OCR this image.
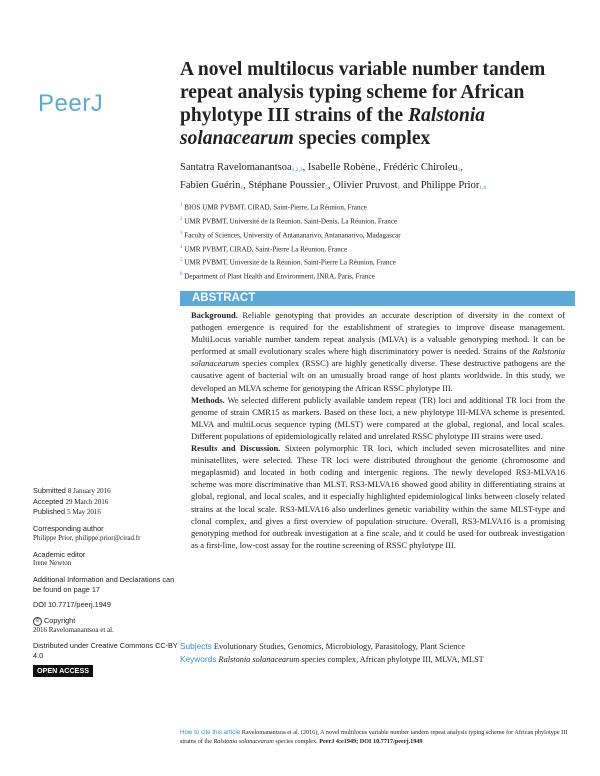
PeerJ
A novel multilocus variable number tandem repeat analysis typing scheme for African phylotype III strains of the Ralstonia solanacearum species complex
Santatra Ravelomanantsoa$^{1,2,3}$, Isabelle Robène$^1$, Frédéric Chiroleu$^1$,
Fabien Guérin$^1$, Stéphane Poussier$^5$, Olivier Pruvost$^1$ and Philippe Prior$^{1,6}$
$^1$ BIOS UMR PVBMT, CIRAD, Saint-Pierre, La Réunion, France
$^2$ UMR PVBMT, Université de la Reunion, Saint-Denis, La Réunion, France
$^3$ Faculty of Sciences, University of Antananarivo, Antananarivo, Madagascar
$^4$ UMR PVBMT, CIRAD, Saint-Pierre La Réunion, France
$^5$ UMR PVBMT, Université de la Réunion, Saint-Pierre La Réunion, France
$^6$ Department of Plant Health and Environment, INRA, Paris, France
ABSTRACT

Background. Reliable genotyping that provides an accurate description of diversity in the context of pathogen emergence is required for the establishment of strategies to improve disease management. MultiLocus variable number tandem repeat analysis (MLVA) is a valuable genotyping method. It can be performed at small evolutionary scales where high discriminatory power is needed. Strains of the Ralstonia solanacearum species complex (RSSC) are highly genetically diverse. These destructive pathogens are the causative agent of bacterial wilt on an unusually broad range of host plants worldwide. In this study, we developed an MLVA scheme for genotyping the African RSSC phylotype III.

Methods. We selected different publicly available tandem repeat (TR) loci and additional TR loci from the genome of strain CMR15 as markers. Based on these loci, a new phylotype III-MLVA scheme is presented. MLVA and multiLocus sequence typing (MLST) were compared at the global, regional, and local scales. Different populations of epidemiologically related and unrelated RSSC phylotype III strains were used.

Results and Discussion. Sixteen polymorphic TR loci, which included seven microsatellites and nine minisatellites, were selected. These TR loci were distributed throughout the genome (chromosome and megaplasmid) and located in both coding and intergenic regions. The newly developed RS3-MLVA16 scheme was more discriminative than MLST. RS3-MLVA16 showed good ability in differentiating strains at global, regional, and local scales, and it especially highlighted epidemiological links between closely related strains at the local scale. RS3-MLVA16 also underlines genetic variability within the same MLST-type and clonal complex, and gives a first overview of population structure. Overall, RS3-MLVA16 is a promising genotyping method for outbreak investigation at a fine scale, and it could be used for outbreak investigation as a first-line, low-cost assay for the routine screening of RSSC phylotype III.

Submitted 8 January 2016
Accepted 29 March 2016
Published 5 May 2016
Corresponding author
Philippe Prior, philippe.prior@cirad.fr
Academic editor
Irene Newton
Additional Information and Declarations can be found on page 17
DOI 10.7717/peerj.1949
© Copyright
2016 Ravelomanantsoa et al.
Distributed under Creative Commons CC-BY 4.0
OPEN ACCESS
Subjects Evolutionary Studies, Genomics, Microbiology, Parasitology, Plant Science
Keywords Ralstonia solanacearum species complex, African phylotype III, MLVA, MLST
How to cite this article Ravelomanantsoa et al. (2016), A novel multilocus variable number tandem repeat analysis typing scheme for African phylotype III strains of the Ralstonia solanacearum species complex. PeerJ 4:e1949; DOI 10.7717/peerj.1949
